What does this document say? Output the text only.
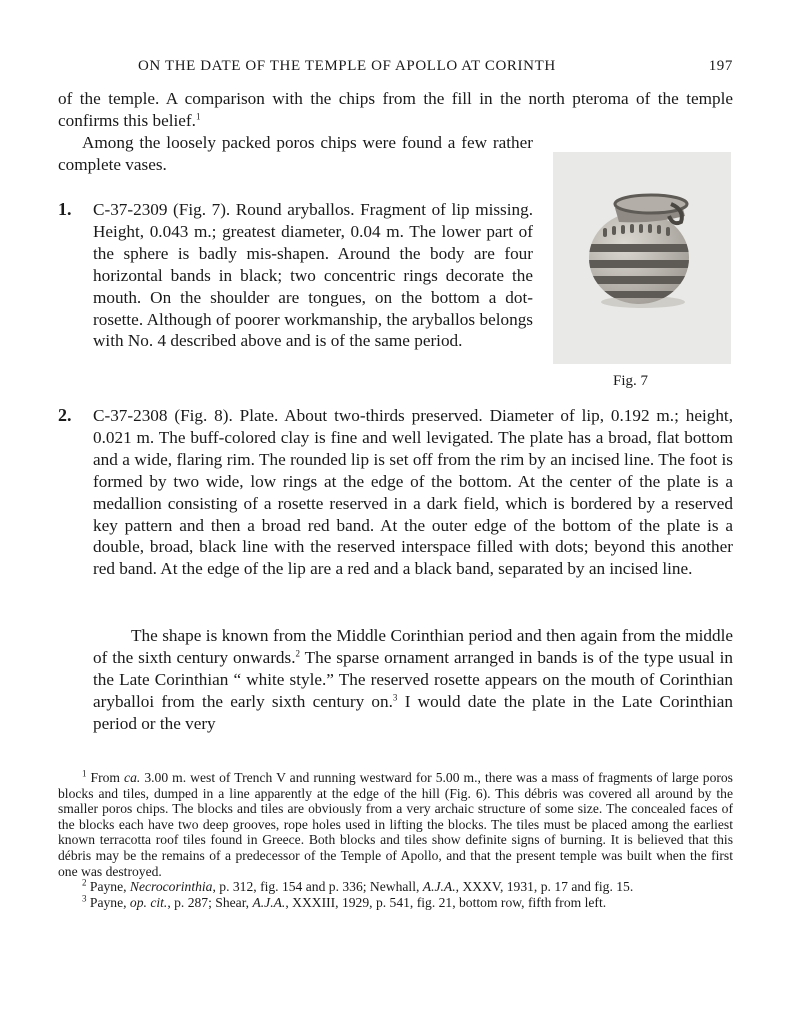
ON THE DATE OF THE TEMPLE OF APOLLO AT CORINTH	197

of the temple. A comparison with the chips from the fill in the north pteroma of the temple confirms this belief.$^1$

Among the loosely packed poros chips were found a few rather complete vases.

1. C-37-2309 (Fig. 7). Round aryballos. Fragment of lip missing. Height, 0.043 m.; greatest diameter, 0.04 m. The lower part of the sphere is badly mis-shapen. Around the body are four horizontal bands in black; two concentric rings decorate the mouth. On the shoulder are tongues, on the bottom a dot-rosette. Although of poorer workmanship, the aryballos belongs with No. 4 described above and is of the same period.
Fig. 7
2. C-37-2308 (Fig. 8). Plate. About two-thirds preserved. Diameter of lip, 0.192 m.; height, 0.021 m. The buff-colored clay is fine and well levigated. The plate has a broad, flat bottom and a wide, flaring rim. The rounded lip is set off from the rim by an incised line. The foot is formed by two wide, low rings at the edge of the bottom. At the center of the plate is a medallion consisting of a rosette reserved in a dark field, which is bordered by a reserved key pattern and then a broad red band. At the outer edge of the bottom of the plate is a double, broad, black line with the reserved interspace filled with dots; beyond this another red band. At the edge of the lip are a red and a black band, separated by an incised line.

The shape is known from the Middle Corinthian period and then again from the middle of the sixth century onwards.$^2$ The sparse ornament arranged in bands is of the type usual in the Late Corinthian “ white style.” The reserved rosette appears on the mouth of Corinthian aryballoi from the early sixth century on.$^3$ I would date the plate in the Late Corinthian period or the very

$^1$ From ca. 3.00 m. west of Trench V and running westward for 5.00 m., there was a mass of fragments of large poros blocks and tiles, dumped in a line apparently at the edge of the hill (Fig. 6). This débris was covered all around by the smaller poros chips. The blocks and tiles are obviously from a very archaic structure of some size. The concealed faces of the blocks each have two deep grooves, rope holes used in lifting the blocks. The tiles must be placed among the earliest known terracotta roof tiles found in Greece. Both blocks and tiles show definite signs of burning. It is believed that this débris may be the remains of a predecessor of the Temple of Apollo, and that the present temple was built when the first one was destroyed.

$^2$ Payne, Necrocorinthia, p. 312, fig. 154 and p. 336; Newhall, A.J.A., XXXV, 1931, p. 17 and fig. 15.

$^3$ Payne, op. cit., p. 287; Shear, A.J.A., XXXIII, 1929, p. 541, fig. 21, bottom row, fifth from left.
